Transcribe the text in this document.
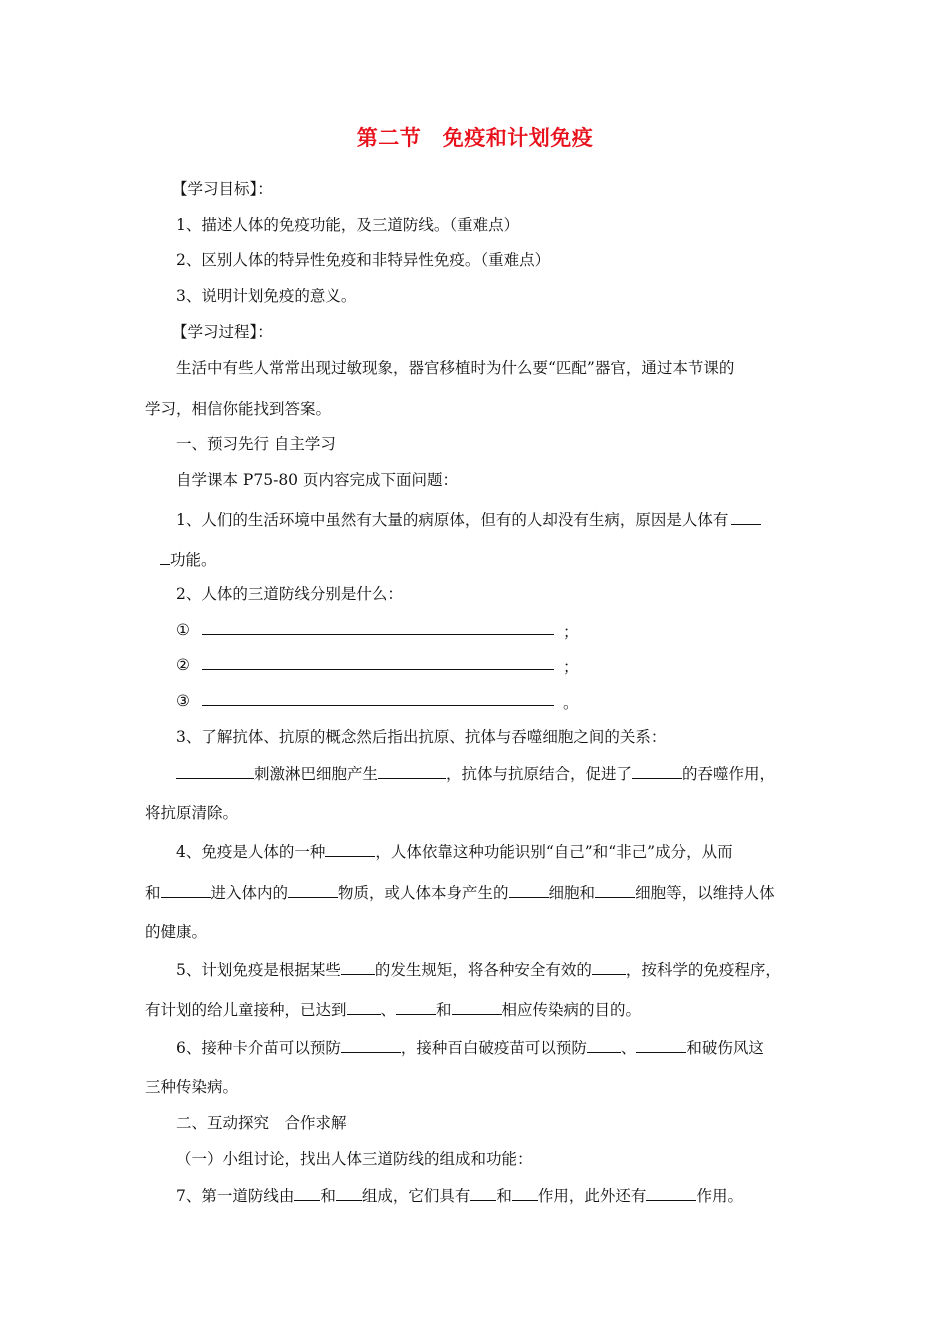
第二节　免疫和计划免疫
【学习目标】：
1、描述人体的免疫功能，及三道防线。（重难点）
2、区别人体的特异性免疫和非特异性免疫。（重难点）
3、说明计划免疫的意义。
【学习过程】：
生活中有些人常常出现过敏现象，器官移植时为什么要“匹配”器官，通过本节课的
学习，相信你能找到答案。
一、预习先行 自主学习
自学课本 P75-80 页内容完成下面问题：
1、人们的生活环境中虽然有大量的病原体，但有的人却没有生病，原因是人体有
功能。
2、人体的三道防线分别是什么：
①	；
②	；
③	。
3、了解抗体、抗原的概念然后指出抗原、抗体与吞噬细胞之间的关系：
刺激淋巴细胞产生	，抗体与抗原结合，促进了	的吞噬作用，
将抗原清除。
4、免疫是人体的一种	，人体依靠这种功能识别“自己”和“非己”成分，从而
和	进入体内的	物质，或人体本身产生的	细胞和	细胞等，以维持人体
的健康。
5、计划免疫是根据某些 的发生规矩，将各种安全有效的 ，按科学的免疫程序，
有计划的给儿童接种，已达到 、	和	相应传染病的目的。
6、接种卡介苗可以预防	，接种百白破疫苗可以预防 、	和破伤风这
三种传染病。
二、互动探究　合作求解
（一）小组讨论，找出人体三道防线的组成和功能：
7、第一道防线由 和 组成，它们具有 和 作用，此外还有	作用。
